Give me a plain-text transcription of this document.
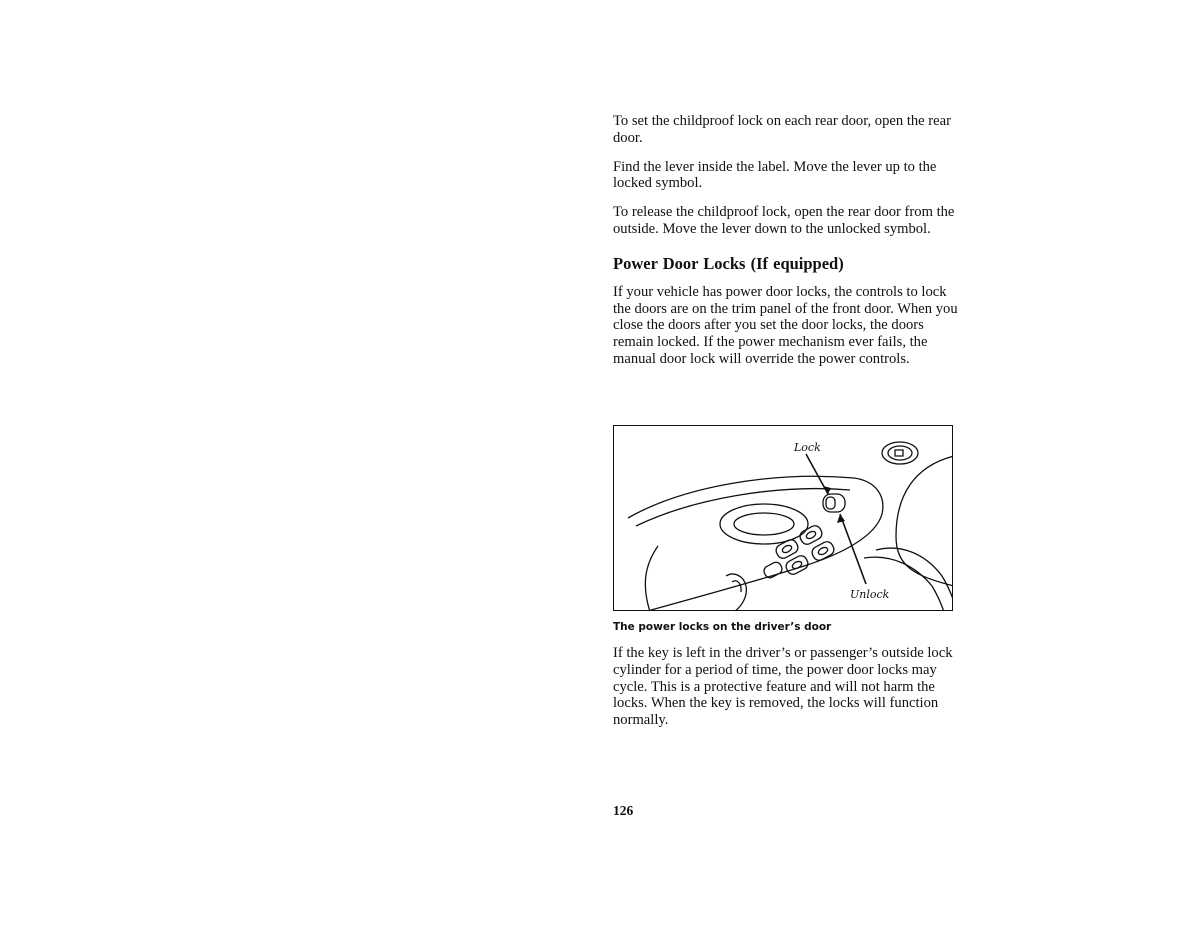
To set the childproof lock on each rear door, open the rear door.

Find the lever inside the label. Move the lever up to the locked symbol.

To release the childproof lock, open the rear door from the outside. Move the lever down to the unlocked symbol.

Power Door Locks (If equipped)

If your vehicle has power door locks, the controls to lock the doors are on the trim panel of the front door. When you close the doors after you set the door locks, the doors remain locked. If the power mechanism ever fails, the manual door lock will override the power controls.

Lock
Unlock
The power locks on the driver’s door

If the key is left in the driver’s or passenger’s outside lock cylinder for a period of time, the power door locks may cycle. This is a protective feature and will not harm the locks. When the key is removed, the locks will function normally.

126
